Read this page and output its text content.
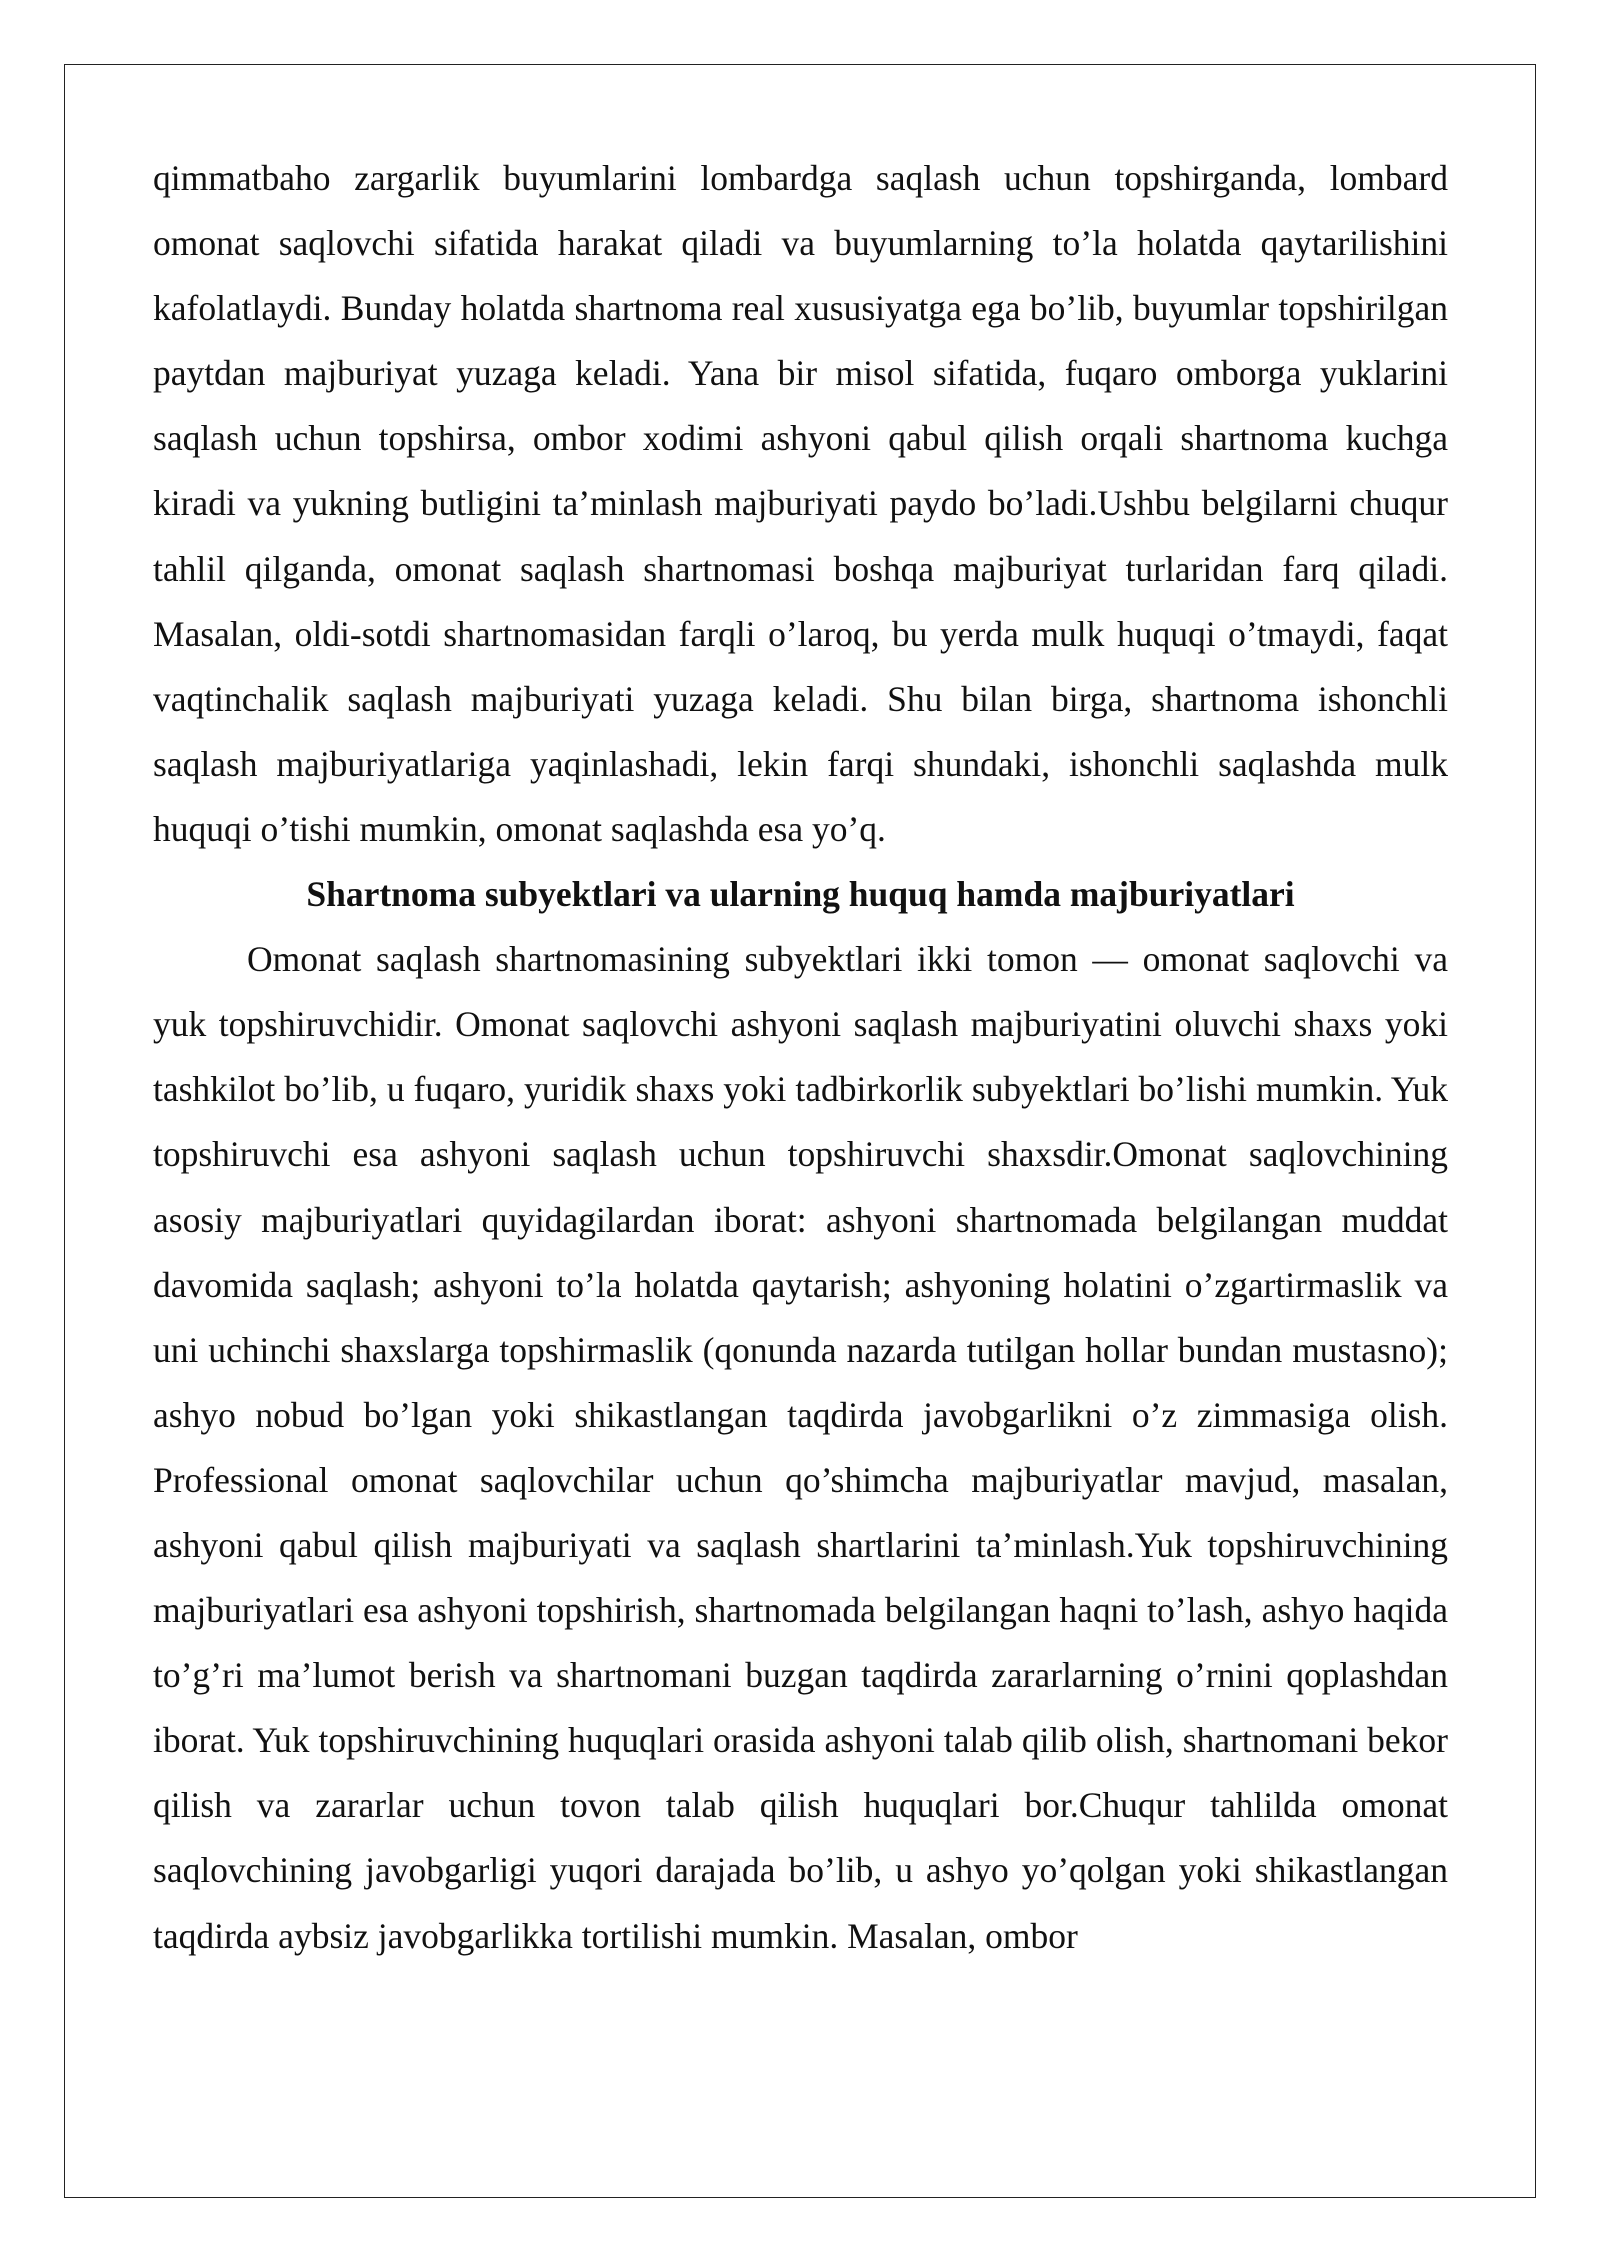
qimmatbaho zargarlik buyumlarini lombardga saqlash uchun topshirganda, lombard omonat saqlovchi sifatida harakat qiladi va buyumlarning to’la holatda qaytarilishini kafolatlaydi. Bunday holatda shartnoma real xususiyatga ega bo’lib, buyumlar topshirilgan paytdan majburiyat yuzaga keladi. Yana bir misol sifatida, fuqaro omborga yuklarini saqlash uchun topshirsa, ombor xodimi ashyoni qabul qilish orqali shartnoma kuchga kiradi va yukning butligini ta’minlash majburiyati paydo bo’ladi.Ushbu belgilarni chuqur tahlil qilganda, omonat saqlash shartnomasi boshqa majburiyat turlaridan farq qiladi. Masalan, oldi-sotdi shartnomasidan farqli o’laroq, bu yerda mulk huquqi o’tmaydi, faqat vaqtinchalik saqlash majburiyati yuzaga keladi. Shu bilan birga, shartnoma ishonchli saqlash majburiyatlariga yaqinlashadi, lekin farqi shundaki, ishonchli saqlashda mulk huquqi o’tishi mumkin, omonat saqlashda esa yo’q.

Shartnoma subyektlari va ularning huquq hamda majburiyatlari

Omonat saqlash shartnomasining subyektlari ikki tomon — omonat saqlovchi va yuk topshiruvchidir. Omonat saqlovchi ashyoni saqlash majburiyatini oluvchi shaxs yoki tashkilot bo’lib, u fuqaro, yuridik shaxs yoki tadbirkorlik subyektlari bo’lishi mumkin. Yuk topshiruvchi esa ashyoni saqlash uchun topshiruvchi shaxsdir.Omonat saqlovchining asosiy majburiyatlari quyidagilardan iborat: ashyoni shartnomada belgilangan muddat davomida saqlash; ashyoni to’la holatda qaytarish; ashyoning holatini o’zgartirmaslik va uni uchinchi shaxslarga topshirmaslik (qonunda nazarda tutilgan hollar bundan mustasno); ashyo nobud bo’lgan yoki shikastlangan taqdirda javobgarlikni o’z zimmasiga olish. Professional omonat saqlovchilar uchun qo’shimcha majburiyatlar mavjud, masalan, ashyoni qabul qilish majburiyati va saqlash shartlarini ta’minlash.Yuk topshiruvchining majburiyatlari esa ashyoni topshirish, shartnomada belgilangan haqni to’lash, ashyo haqida to’g’ri ma’lumot berish va shartnomani buzgan taqdirda zararlarning o’rnini qoplashdan iborat. Yuk topshiruvchining huquqlari orasida ashyoni talab qilib olish, shartnomani bekor qilish va zararlar uchun tovon talab qilish huquqlari bor.Chuqur tahlilda omonat saqlovchining javobgarligi yuqori darajada bo’lib, u ashyo yo’qolgan yoki shikastlangan taqdirda aybsiz javobgarlikka tortilishi mumkin. Masalan, ombor
